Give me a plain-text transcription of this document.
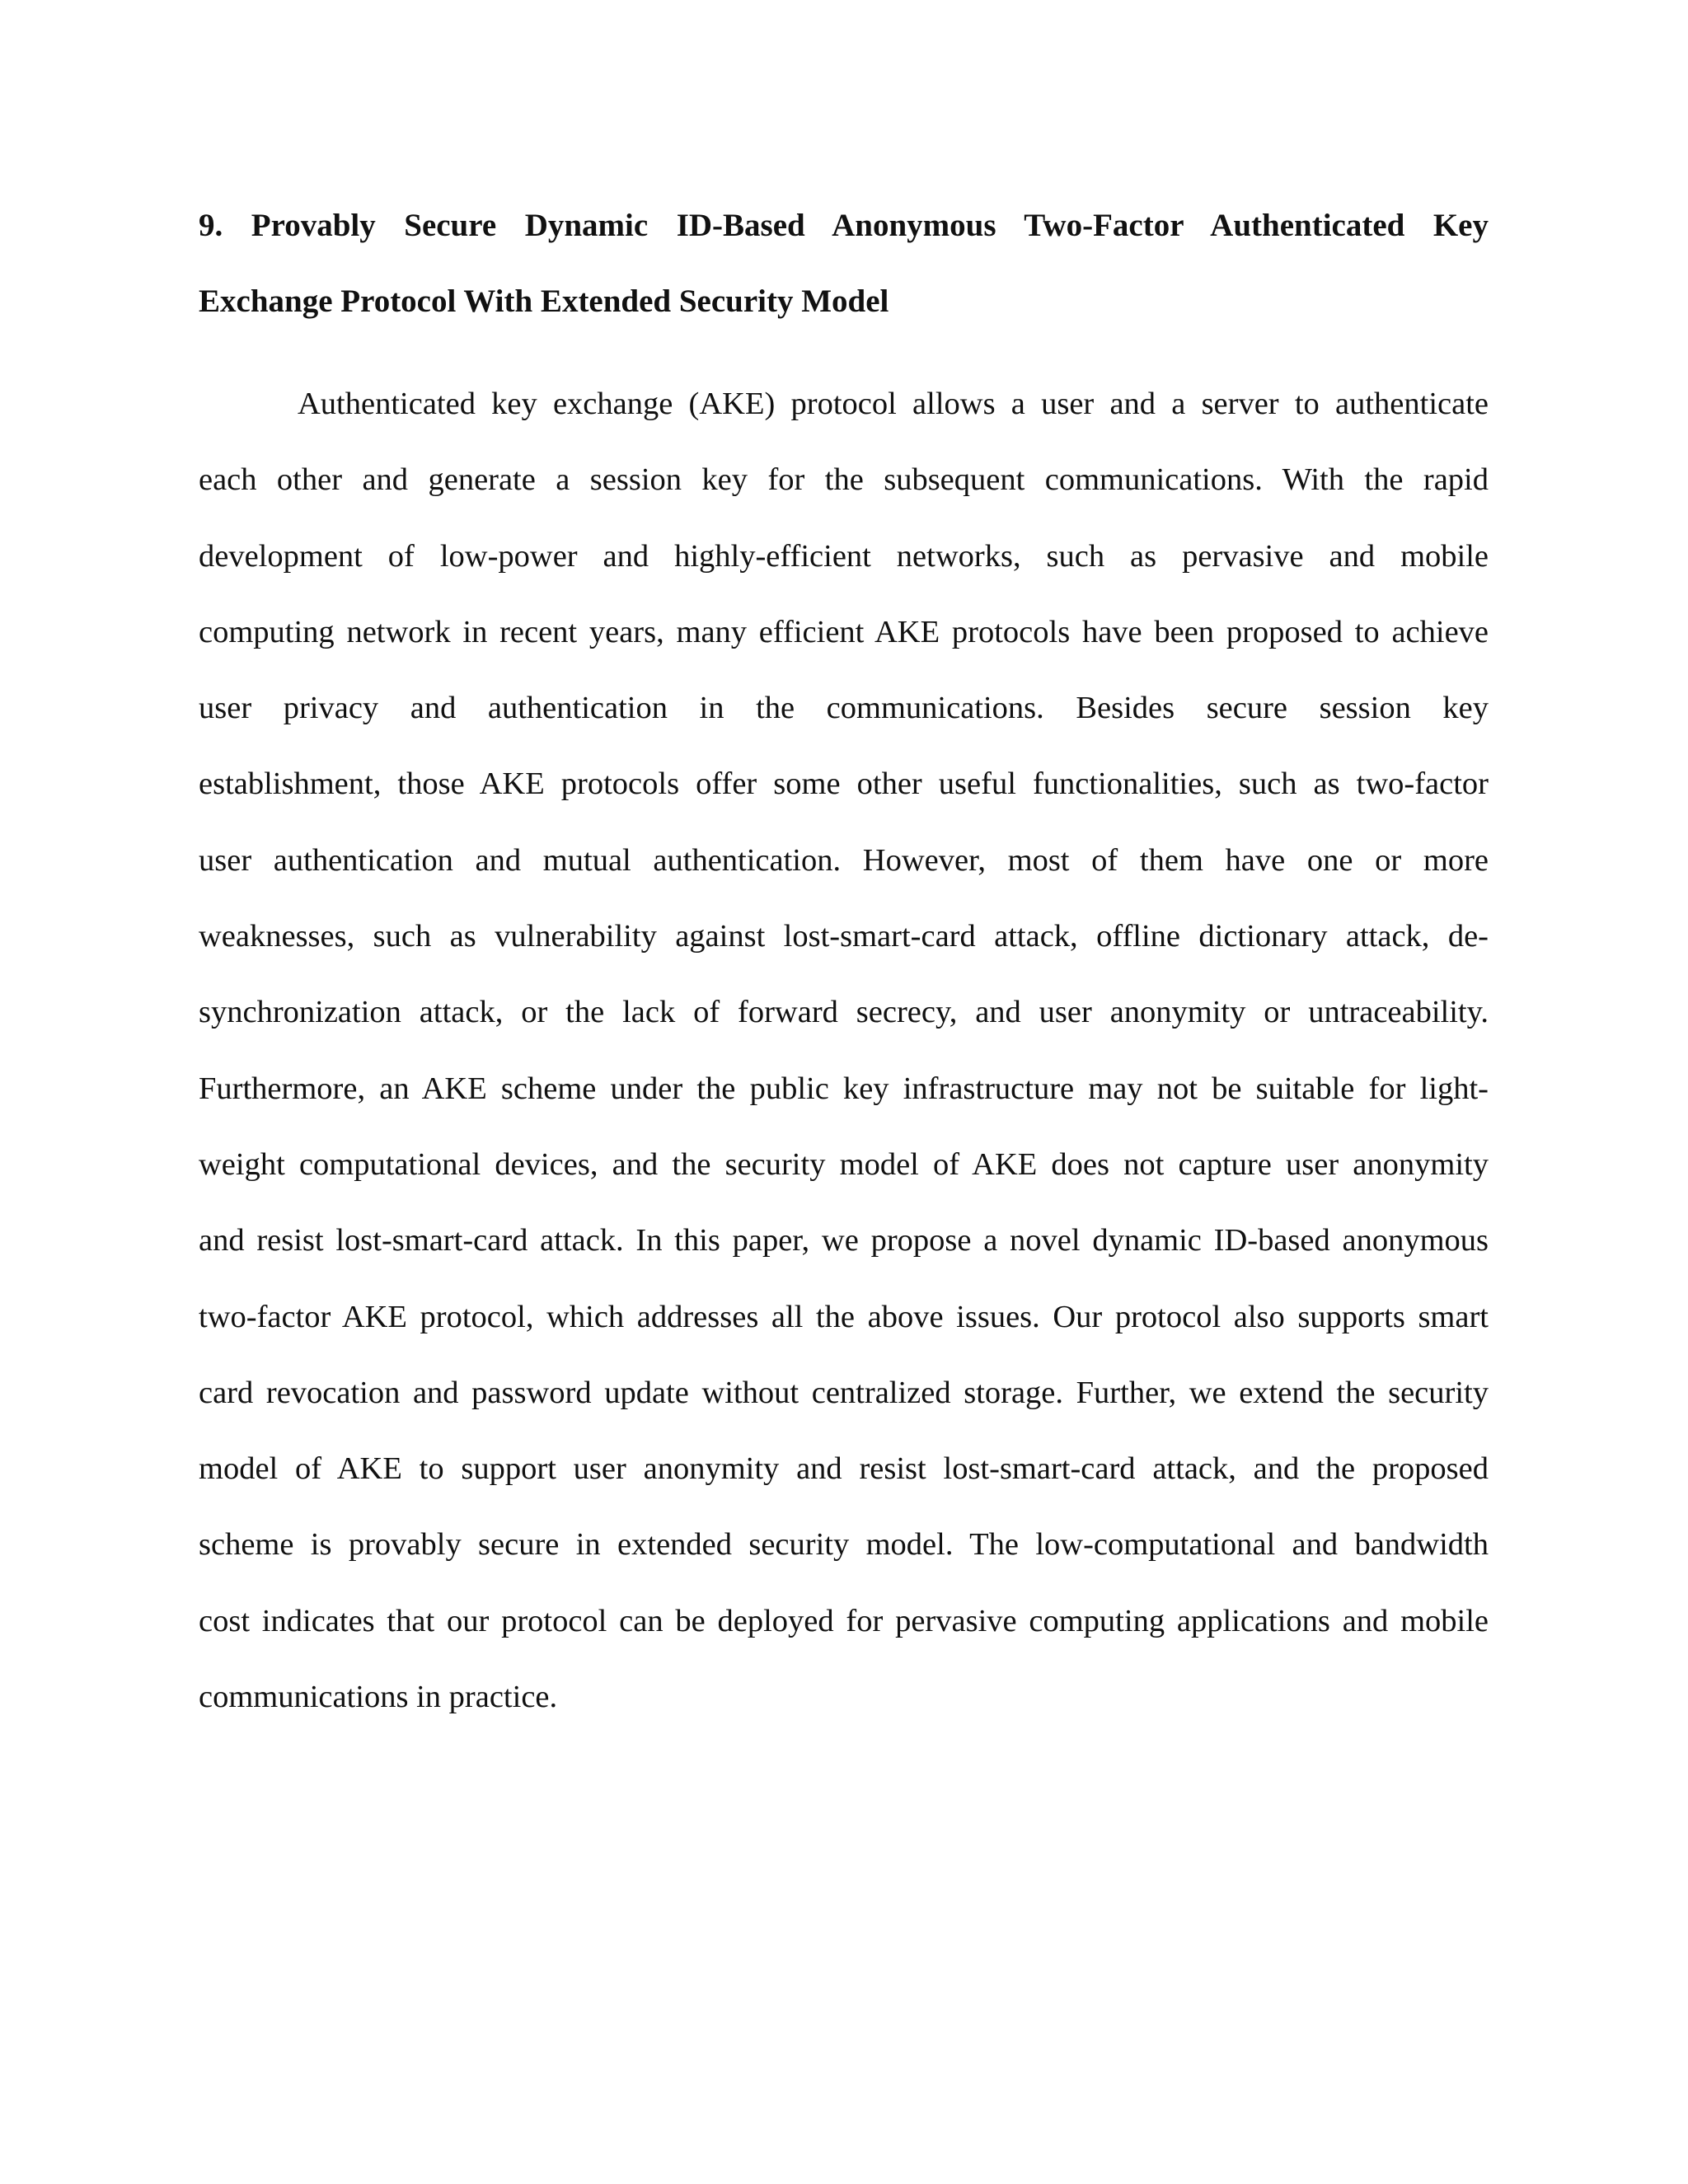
9. Provably Secure Dynamic ID-Based Anonymous Two-Factor Authenticated Key
Exchange Protocol With Extended Security Model
Authenticated key exchange (AKE) protocol allows a user and a server to authenticate
each other and generate a session key for the subsequent communications. With the rapid
development of low-power and highly-efficient networks, such as pervasive and mobile
computing network in recent years, many efficient AKE protocols have been proposed to achieve
user privacy and authentication in the communications. Besides secure session key
establishment, those AKE protocols offer some other useful functionalities, such as two-factor
user authentication and mutual authentication. However, most of them have one or more
weaknesses, such as vulnerability against lost-smart-card attack, offline dictionary attack, de-
synchronization attack, or the lack of forward secrecy, and user anonymity or untraceability.
Furthermore, an AKE scheme under the public key infrastructure may not be suitable for light-
weight computational devices, and the security model of AKE does not capture user anonymity
and resist lost-smart-card attack. In this paper, we propose a novel dynamic ID-based anonymous
two-factor AKE protocol, which addresses all the above issues. Our protocol also supports smart
card revocation and password update without centralized storage. Further, we extend the security
model of AKE to support user anonymity and resist lost-smart-card attack, and the proposed
scheme is provably secure in extended security model. The low-computational and bandwidth
cost indicates that our protocol can be deployed for pervasive computing applications and mobile
communications in practice.
